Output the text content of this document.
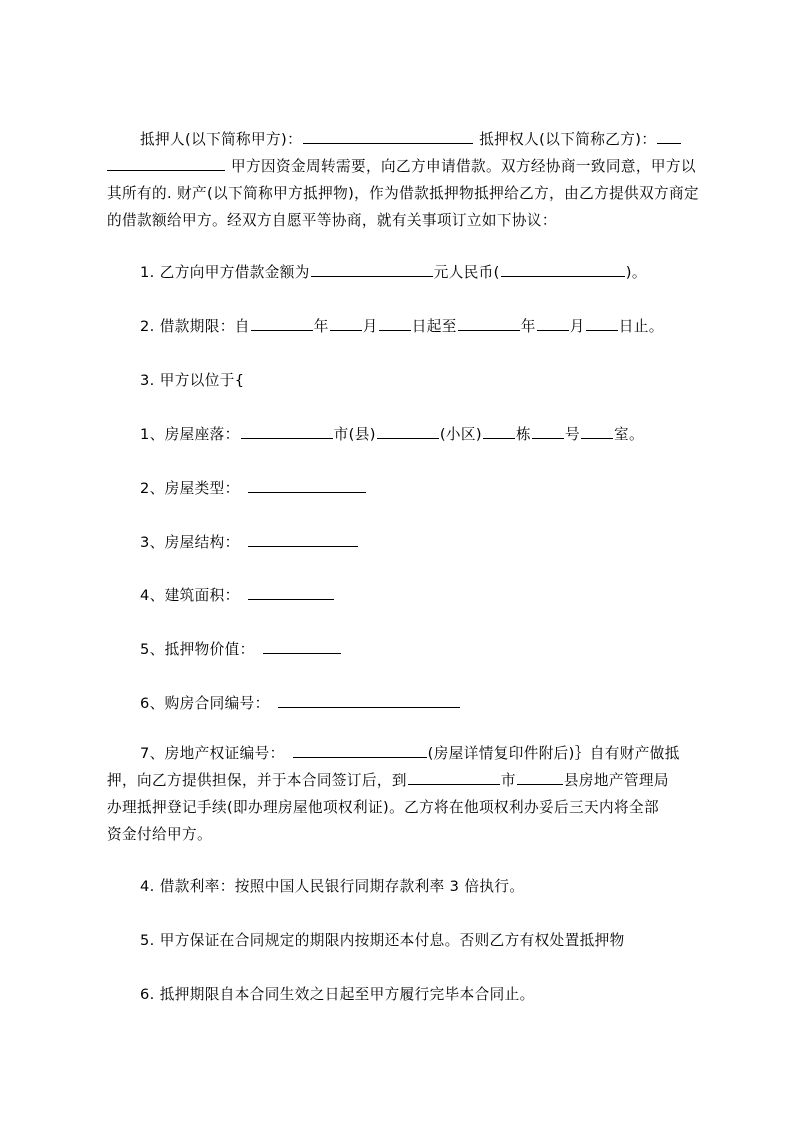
抵押人(以下简称甲方)：	抵押权人(以下简称乙方)： 甲方因资金周转需要，向乙方申请借款。双方经协商一致同意，甲方以其所有的. 财产(以下简称甲方抵押物)，作为借款抵押物抵押给乙方，由乙方提供双方商定的借款额给甲方。经双方自愿平等协商，就有关事项订立如下协议：
1. 乙方向甲方借款金额为	元人民币(	)。
2. 借款期限：自	年 月 日起至	年 月 日止。
3. 甲方以位于{
1、房屋座落：	市(县)	(小区) 栋 号 室。
2、房屋类型：
3、房屋结构：
4、建筑面积：
5、抵押物价值：
6、购房合同编号：
7、房地产权证编号：	(房屋详情复印件附后)｝自有财产做抵
押，向乙方提供担保，并于本合同签订后，到	市	县房地产管理局
办理抵押登记手续(即办理房屋他项权利证)。乙方将在他项权利办妥后三天内将全部
资金付给甲方。
4. 借款利率：按照中国人民银行同期存款利率 3 倍执行。
5. 甲方保证在合同规定的期限内按期还本付息。否则乙方有权处置抵押物
6. 抵押期限自本合同生效之日起至甲方履行完毕本合同止。
